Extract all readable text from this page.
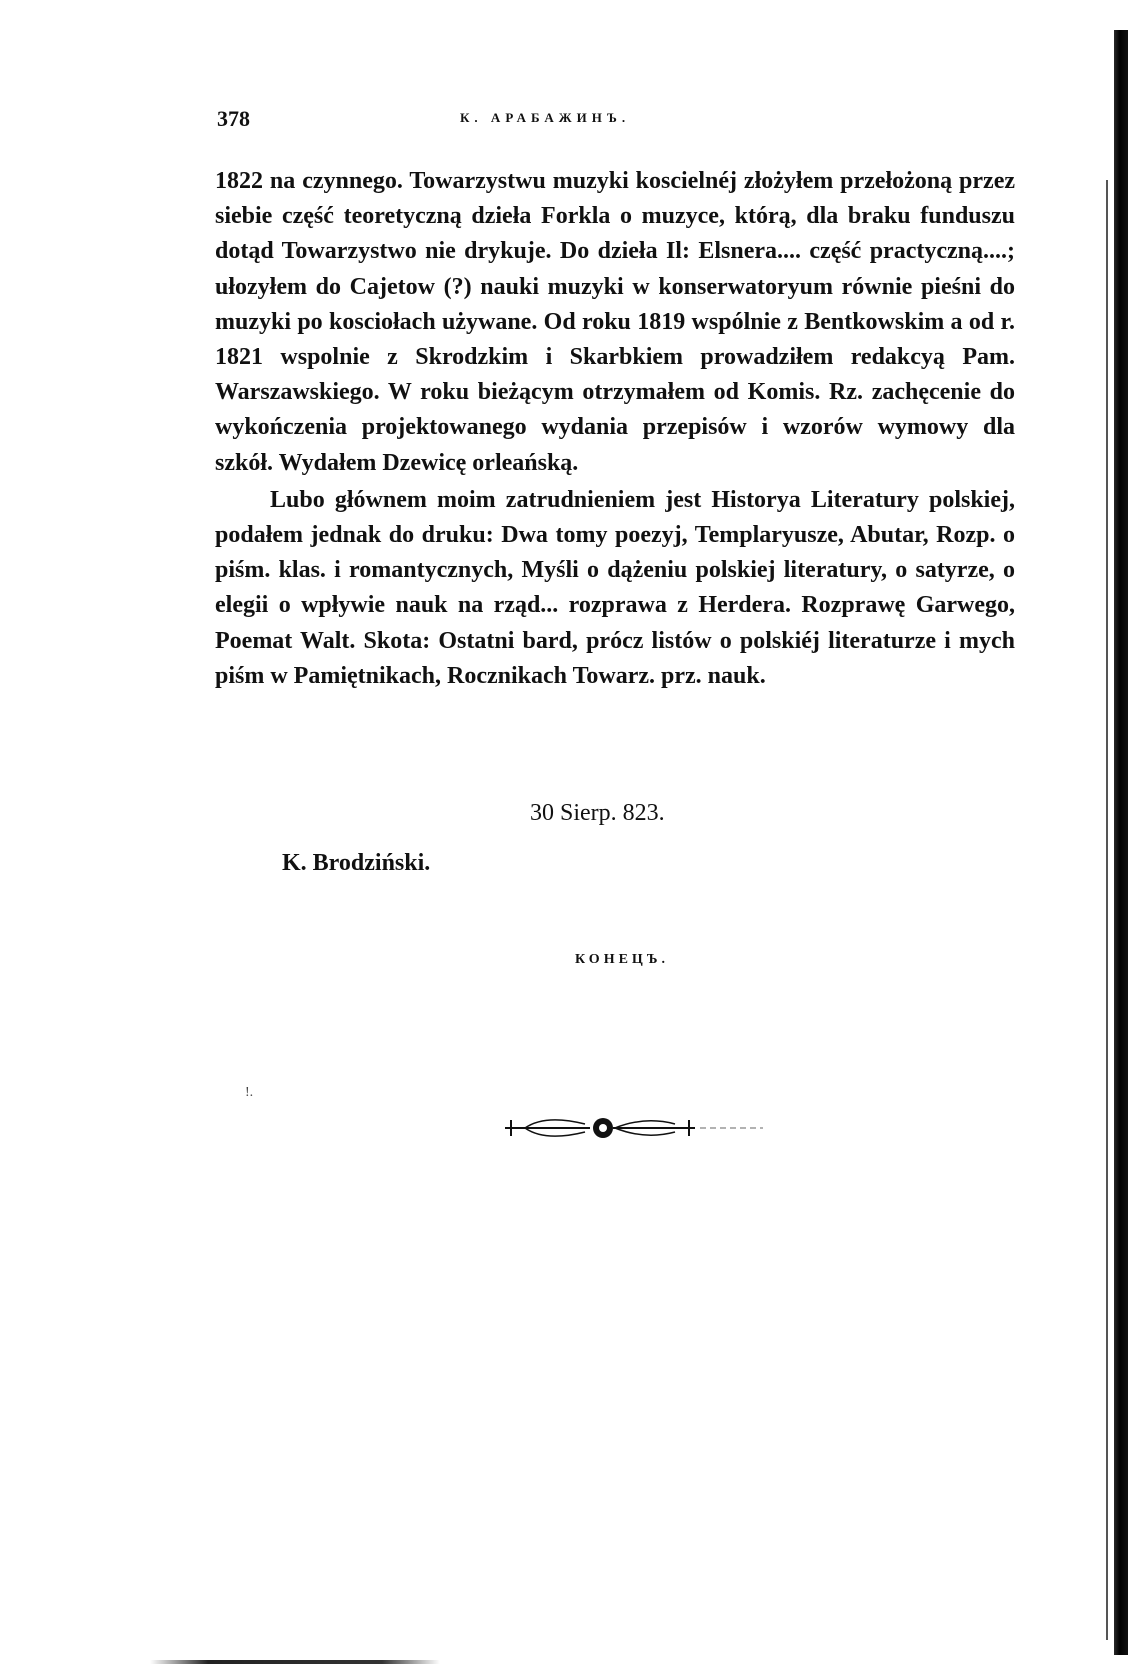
378	К. АРАБАЖИНЪ.

1822 na czynnego. Towarzystwu muzyki koscielnéj złożyłem przełożoną przez siebie część teoretyczną dzieła Forkla o muzyce, którą, dla braku funduszu dotąd Towarzystwo nie drykuje. Do dzieła Il: Elsnera.... część practyczną....; ułozyłem do Cajetow (?) nauki muzyki w konserwatoryum równie pieśni do muzyki po kosciołach używane. Od roku 1819 wspólnie z Bentkowskim a od r. 1821 wspolnie z Skrodzkim i Skarbkiem prowadziłem redakcyą Pam. Warszawskiego. W roku bieżącym otrzymałem od Komis. Rz. zachęcenie do wykończenia projektowanego wydania przepisów i wzorów wymowy dla szkół. Wydałem Dzewicę orleańską.

Lubo głównem moim zatrudnieniem jest Historya Literatury polskiej, podałem jednak do druku: Dwa tomy poezyj, Templaryusze, Abutar, Rozp. o piśm. klas. i romantycznych, Myśli o dążeniu polskiej literatury, o satyrze, o elegii o wpływie nauk na rząd... rozprawa z Herdera. Rozprawę Garwego, Poemat Walt. Skota: Ostatni bard, prócz listów o polskiéj literaturze i mych piśm w Pamiętnikach, Rocznikach Towarz. prz. nauk.

30 Sierp. 823.
K. Brodziński.
КОНЕЦЪ.
!.
